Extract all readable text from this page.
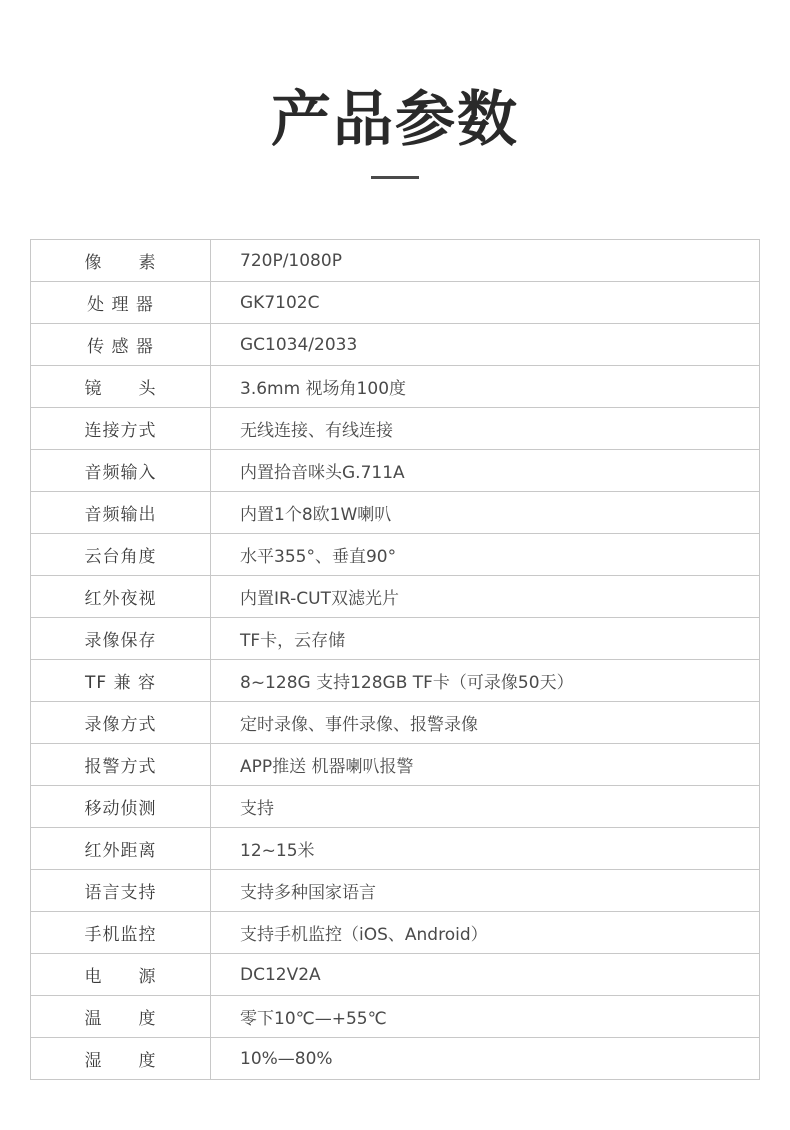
产品参数
像　　素	720P/1080P
处 理 器	GK7102C
传 感 器	GC1034/2033
镜　　头	3.6mm 视场角100度
连接方式	无线连接、有线连接
音频输入	内置拾音咪头G.711A
音频输出	内置1个8欧1W喇叭
云台角度	水平355°、垂直90°
红外夜视	内置IR-CUT双滤光片
录像保存	TF卡，云存储
TF 兼 容	8~128G 支持128GB TF卡（可录像50天）
录像方式	定时录像、事件录像、报警录像
报警方式	APP推送 机器喇叭报警
移动侦测	支持
红外距离	12~15米
语言支持	支持多种国家语言
手机监控	支持手机监控（iOS、Android）
电　　源	DC12V2A
温　　度	零下10℃—+55℃
湿　　度	10%—80%
